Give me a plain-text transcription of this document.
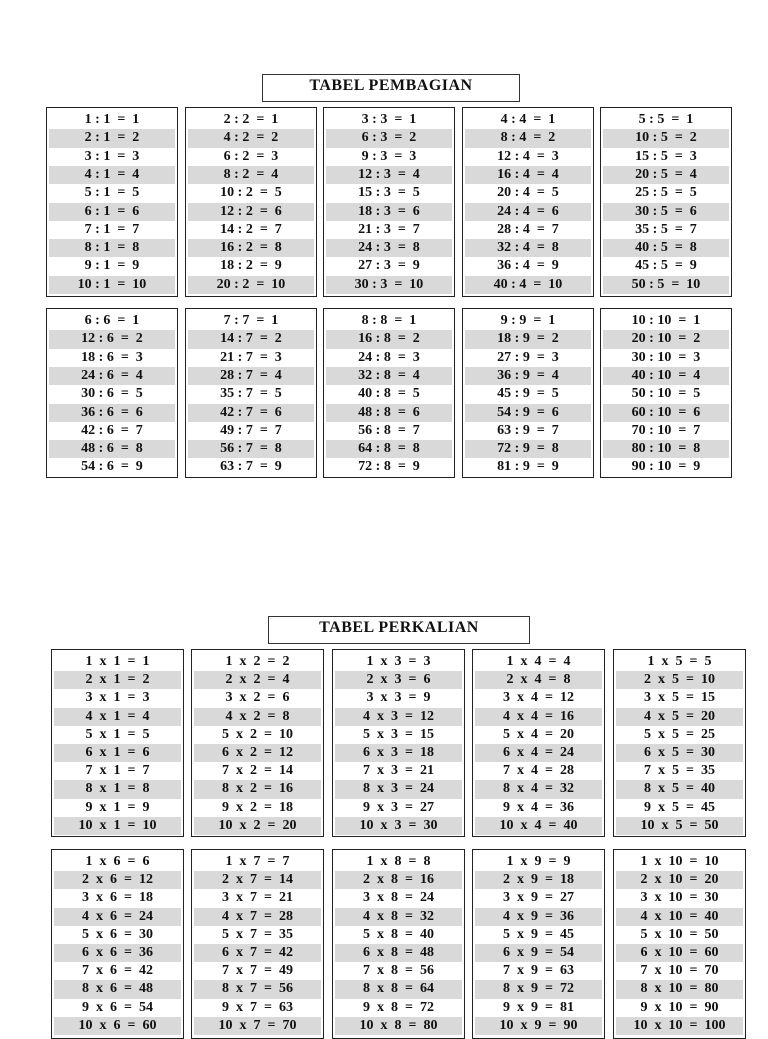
TABEL PEMBAGIAN
1 : 1  =  1
2 : 1  =  2
3 : 1  =  3
4 : 1  =  4
5 : 1  =  5
6 : 1  =  6
7 : 1  =  7
8 : 1  =  8
9 : 1  =  9
10 : 1  =  10
2 : 2  =  1
4 : 2  =  2
6 : 2  =  3
8 : 2  =  4
10 : 2  =  5
12 : 2  =  6
14 : 2  =  7
16 : 2  =  8
18 : 2  =  9
20 : 2  =  10
3 : 3  =  1
6 : 3  =  2
9 : 3  =  3
12 : 3  =  4
15 : 3  =  5
18 : 3  =  6
21 : 3  =  7
24 : 3  =  8
27 : 3  =  9
30 : 3  =  10
4 : 4  =  1
8 : 4  =  2
12 : 4  =  3
16 : 4  =  4
20 : 4  =  5
24 : 4  =  6
28 : 4  =  7
32 : 4  =  8
36 : 4  =  9
40 : 4  =  10
5 : 5  =  1
10 : 5  =  2
15 : 5  =  3
20 : 5  =  4
25 : 5  =  5
30 : 5  =  6
35 : 5  =  7
40 : 5  =  8
45 : 5  =  9
50 : 5  =  10
6 : 6  =  1
12 : 6  =  2
18 : 6  =  3
24 : 6  =  4
30 : 6  =  5
36 : 6  =  6
42 : 6  =  7
48 : 6  =  8
54 : 6  =  9
7 : 7  =  1
14 : 7  =  2
21 : 7  =  3
28 : 7  =  4
35 : 7  =  5
42 : 7  =  6
49 : 7  =  7
56 : 7  =  8
63 : 7  =  9
8 : 8  =  1
16 : 8  =  2
24 : 8  =  3
32 : 8  =  4
40 : 8  =  5
48 : 8  =  6
56 : 8  =  7
64 : 8  =  8
72 : 8  =  9
9 : 9  =  1
18 : 9  =  2
27 : 9  =  3
36 : 9  =  4
45 : 9  =  5
54 : 9  =  6
63 : 9  =  7
72 : 9  =  8
81 : 9  =  9
10 : 10  =  1
20 : 10  =  2
30 : 10  =  3
40 : 10  =  4
50 : 10  =  5
60 : 10  =  6
70 : 10  =  7
80 : 10  =  8
90 : 10  =  9
TABEL PERKALIAN
1  x  1  =  1
2  x  1  =  2
3  x  1  =  3
4  x  1  =  4
5  x  1  =  5
6  x  1  =  6
7  x  1  =  7
8  x  1  =  8
9  x  1  =  9
10  x  1  =  10
1  x  2  =  2
2  x  2  =  4
3  x  2  =  6
4  x  2  =  8
5  x  2  =  10
6  x  2  =  12
7  x  2  =  14
8  x  2  =  16
9  x  2  =  18
10  x  2  =  20
1  x  3  =  3
2  x  3  =  6
3  x  3  =  9
4  x  3  =  12
5  x  3  =  15
6  x  3  =  18
7  x  3  =  21
8  x  3  =  24
9  x  3  =  27
10  x  3  =  30
1  x  4  =  4
2  x  4  =  8
3  x  4  =  12
4  x  4  =  16
5  x  4  =  20
6  x  4  =  24
7  x  4  =  28
8  x  4  =  32
9  x  4  =  36
10  x  4  =  40
1  x  5  =  5
2  x  5  =  10
3  x  5  =  15
4  x  5  =  20
5  x  5  =  25
6  x  5  =  30
7  x  5  =  35
8  x  5  =  40
9  x  5  =  45
10  x  5  =  50
1  x  6  =  6
2  x  6  =  12
3  x  6  =  18
4  x  6  =  24
5  x  6  =  30
6  x  6  =  36
7  x  6  =  42
8  x  6  =  48
9  x  6  =  54
10  x  6  =  60
1  x  7  =  7
2  x  7  =  14
3  x  7  =  21
4  x  7  =  28
5  x  7  =  35
6  x  7  =  42
7  x  7  =  49
8  x  7  =  56
9  x  7  =  63
10  x  7  =  70
1  x  8  =  8
2  x  8  =  16
3  x  8  =  24
4  x  8  =  32
5  x  8  =  40
6  x  8  =  48
7  x  8  =  56
8  x  8  =  64
9  x  8  =  72
10  x  8  =  80
1  x  9  =  9
2  x  9  =  18
3  x  9  =  27
4  x  9  =  36
5  x  9  =  45
6  x  9  =  54
7  x  9  =  63
8  x  9  =  72
9  x  9  =  81
10  x  9  =  90
1  x  10  =  10
2  x  10  =  20
3  x  10  =  30
4  x  10  =  40
5  x  10  =  50
6  x  10  =  60
7  x  10  =  70
8  x  10  =  80
9  x  10  =  90
10  x  10  =  100
